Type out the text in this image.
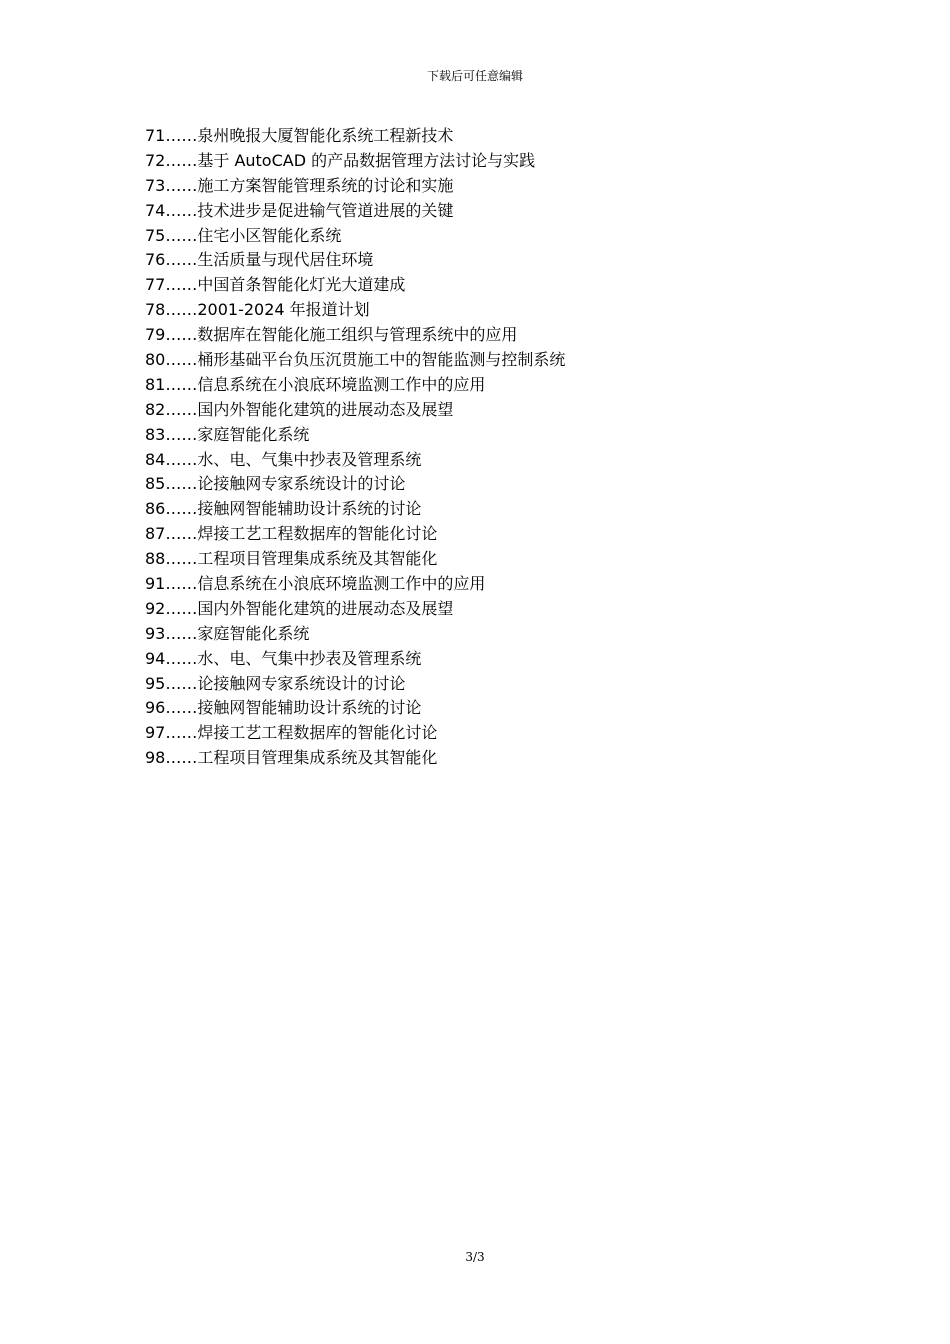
下载后可任意编辑
71……泉州晚报大厦智能化系统工程新技术
72……基于 AutoCAD 的产品数据管理方法讨论与实践
73……施工方案智能管理系统的讨论和实施
74……技术进步是促进输气管道进展的关键
75……住宅小区智能化系统
76……生活质量与现代居住环境
77……中国首条智能化灯光大道建成
78……2001-2024 年报道计划
79……数据库在智能化施工组织与管理系统中的应用
80……桶形基础平台负压沉贯施工中的智能监测与控制系统
81……信息系统在小浪底环境监测工作中的应用
82……国内外智能化建筑的进展动态及展望
83……家庭智能化系统
84……水、电、气集中抄表及管理系统
85……论接触网专家系统设计的讨论
86……接触网智能辅助设计系统的讨论
87……焊接工艺工程数据库的智能化讨论
88……工程项目管理集成系统及其智能化
91……信息系统在小浪底环境监测工作中的应用
92……国内外智能化建筑的进展动态及展望
93……家庭智能化系统
94……水、电、气集中抄表及管理系统
95……论接触网专家系统设计的讨论
96……接触网智能辅助设计系统的讨论
97……焊接工艺工程数据库的智能化讨论
98……工程项目管理集成系统及其智能化
3/3
